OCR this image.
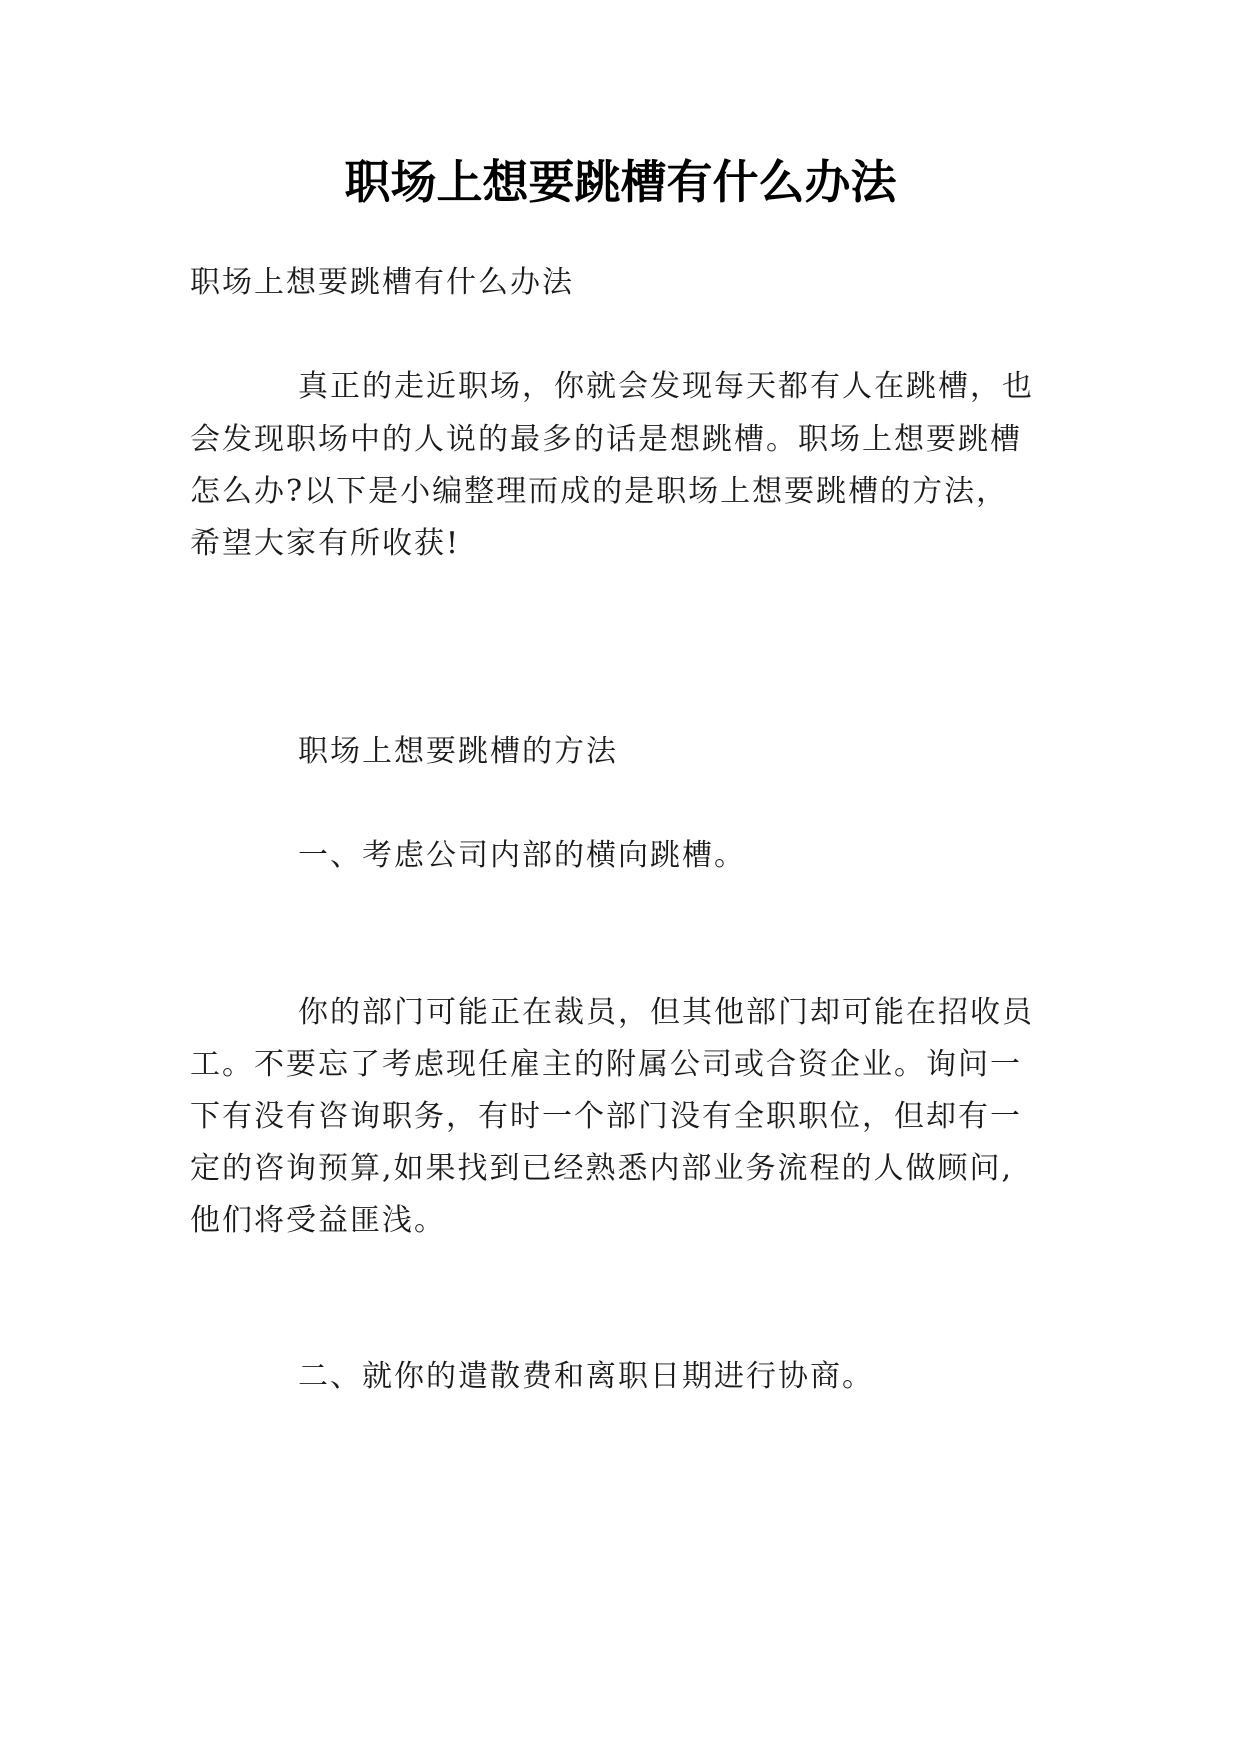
职场上想要跳槽有什么办法

职场上想要跳槽有什么办法

真正的走近职场，你就会发现每天都有人在跳槽，也

会发现职场中的人说的最多的话是想跳槽。职场上想要跳槽

怎么办?以下是小编整理而成的是职场上想要跳槽的方法，

希望大家有所收获!

职场上想要跳槽的方法

一、考虑公司内部的横向跳槽。

你的部门可能正在裁员，但其他部门却可能在招收员

工。不要忘了考虑现任雇主的附属公司或合资企业。询问一

下有没有咨询职务，有时一个部门没有全职职位，但却有一

定的咨询预算,如果找到已经熟悉内部业务流程的人做顾问,

他们将受益匪浅。

二、就你的遣散费和离职日期进行协商。
